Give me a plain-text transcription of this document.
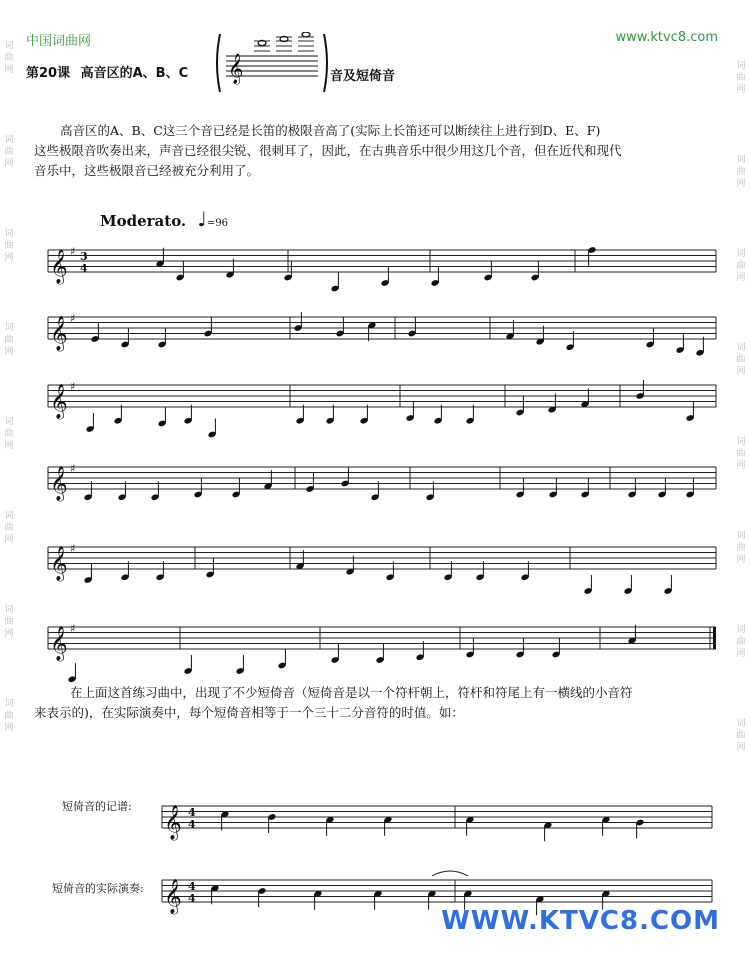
中国词曲网	www.ktvc8.com
词
曲
网
词
曲
网
词
曲
网
词
曲
网
词
曲
网
词
曲
网
词
曲
网
词
曲
网
词
曲
网
词
曲
网
词
曲
网
词
曲
网
词
曲
网
词
曲
网
词
曲
网
词
曲
网
第20课 高音区的A、B、C 𝄞	音及短倚音
高音区的A、B、C这三个音已经是长笛的极限音高了(实际上长笛还可以断续往上进行到D、E、F)
这些极限音吹奏出来，声音已经很尖锐、很刺耳了，因此，在古典音乐中很少用这几个音，但在近代和现代
音乐中，这些极限音已经被充分利用了。
Moderato. ♩=96
𝄞 ♯ 3
4
𝄞 ♯
𝄞 ♯
𝄞 ♯
𝄞 ♯
𝄞 ♯
在上面这首练习曲中，出现了不少短倚音（短倚音是以一个符杆朝上，符杆和符尾上有一横线的小音符
来表示的)，在实际演奏中，每个短倚音相等于一个三十二分音符的时值。如：
短倚音的记谱:
短倚音的实际演奏:
𝄞 4
4
𝄞 4
4
WWW.KTVC8.COM
